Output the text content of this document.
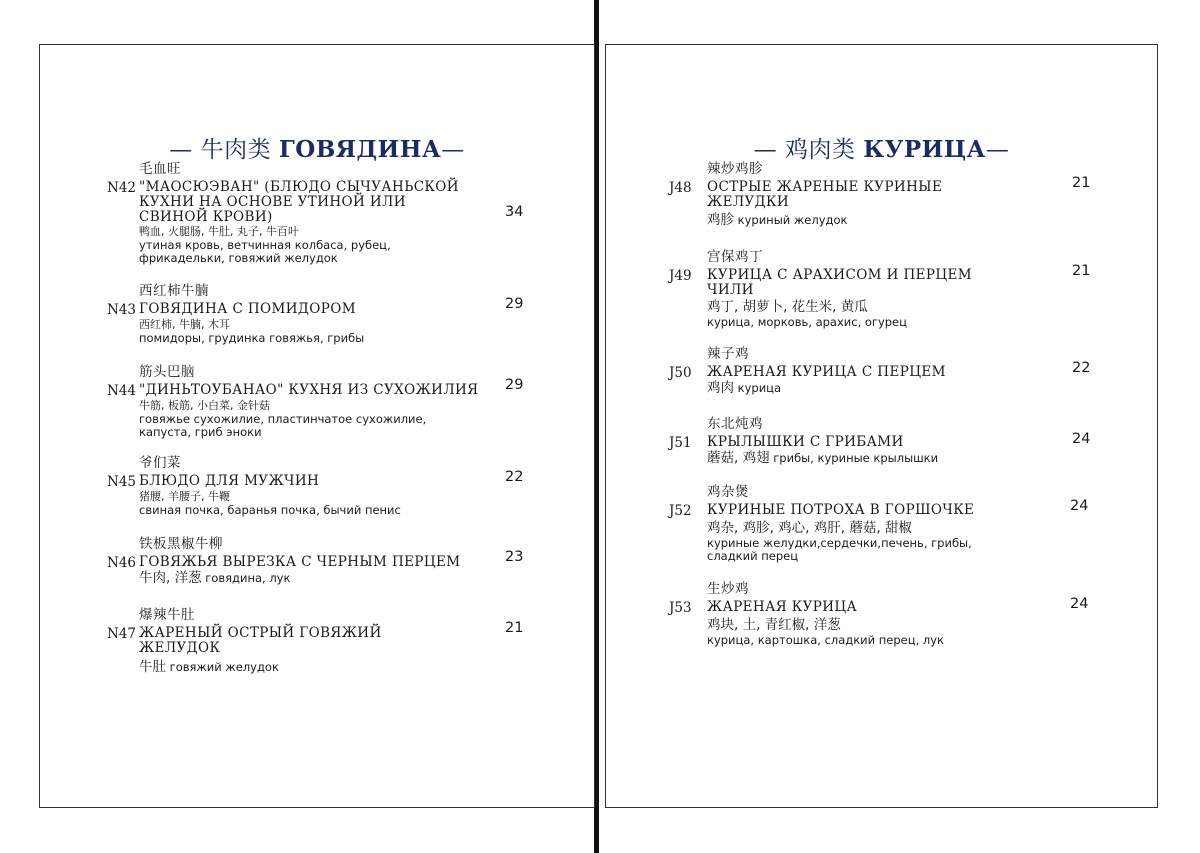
— 牛肉类 ГОВЯДИНА—
毛血旺
N42 "МАОСЮЭВАН" (БЛЮДО СЫЧУАНЬСКОЙ КУХНИ НА ОСНОВЕ УТИНОЙ ИЛИ СВИНОЙ КРОВИ)
鸭血, 火腿肠, 牛肚, 丸子, 牛百叶
утиная кровь, ветчинная колбаса, рубец, фрикадельки, говяжий желудок
34
西红柿牛腩
N43 ГОВЯДИНА С ПОМИДОРОМ
西红柿, 牛腩, 木耳
помидоры, грудинка говяжья, грибы
29
筋头巴脑
N44 "ДИНЬТОУБАНАО" КУХНЯ ИЗ СУХОЖИЛИЯ
牛筋, 板筋, 小白菜, 金针菇
говяжье сухожилие, пластинчатое сухожилие, капуста, гриб эноки
29
爷们菜
N45 БЛЮДО ДЛЯ МУЖЧИН
猪腰, 羊腰子, 牛鞭
свиная почка, баранья почка, бычий пенис
22
铁板黑椒牛柳
N46 ГОВЯЖЬЯ ВЫРЕЗКА С ЧЕРНЫМ ПЕРЦЕМ
牛肉, 洋葱 говядина, лук
23
爆辣牛肚
N47 ЖАРЕНЫЙ ОСТРЫЙ ГОВЯЖИЙ ЖЕЛУДОК
牛肚 говяжий желудок
21
— 鸡肉类 КУРИЦА—
辣炒鸡胗
J48	ОСТРЫЕ ЖАРЕНЫЕ КУРИНЫЕ ЖЕЛУДКИ
鸡胗 куриный желудок
21
宫保鸡丁
J49	КУРИЦА С АРАХИСОМ И ПЕРЦЕМ ЧИЛИ
鸡丁, 胡萝卜, 花生米, 黄瓜
курица, морковь, арахис, огурец
21
辣子鸡
J50	ЖАРЕНАЯ КУРИЦА С ПЕРЦЕМ
鸡肉 курица
22
东北炖鸡
J51	КРЫЛЫШКИ С ГРИБАМИ
蘑菇, 鸡翅 грибы, куриные крылышки
24
鸡杂煲
J52	КУРИНЫЕ ПОТРОХА В ГОРШОЧКЕ
鸡杂, 鸡胗, 鸡心, 鸡肝, 蘑菇, 甜椒
куриные желудки,сердечки,печень, грибы, сладкий перец
24
生炒鸡
J53	ЖАРЕНАЯ КУРИЦА
鸡块, 土, 青红椒, 洋葱
курица, картошка, сладкий перец, лук
24
